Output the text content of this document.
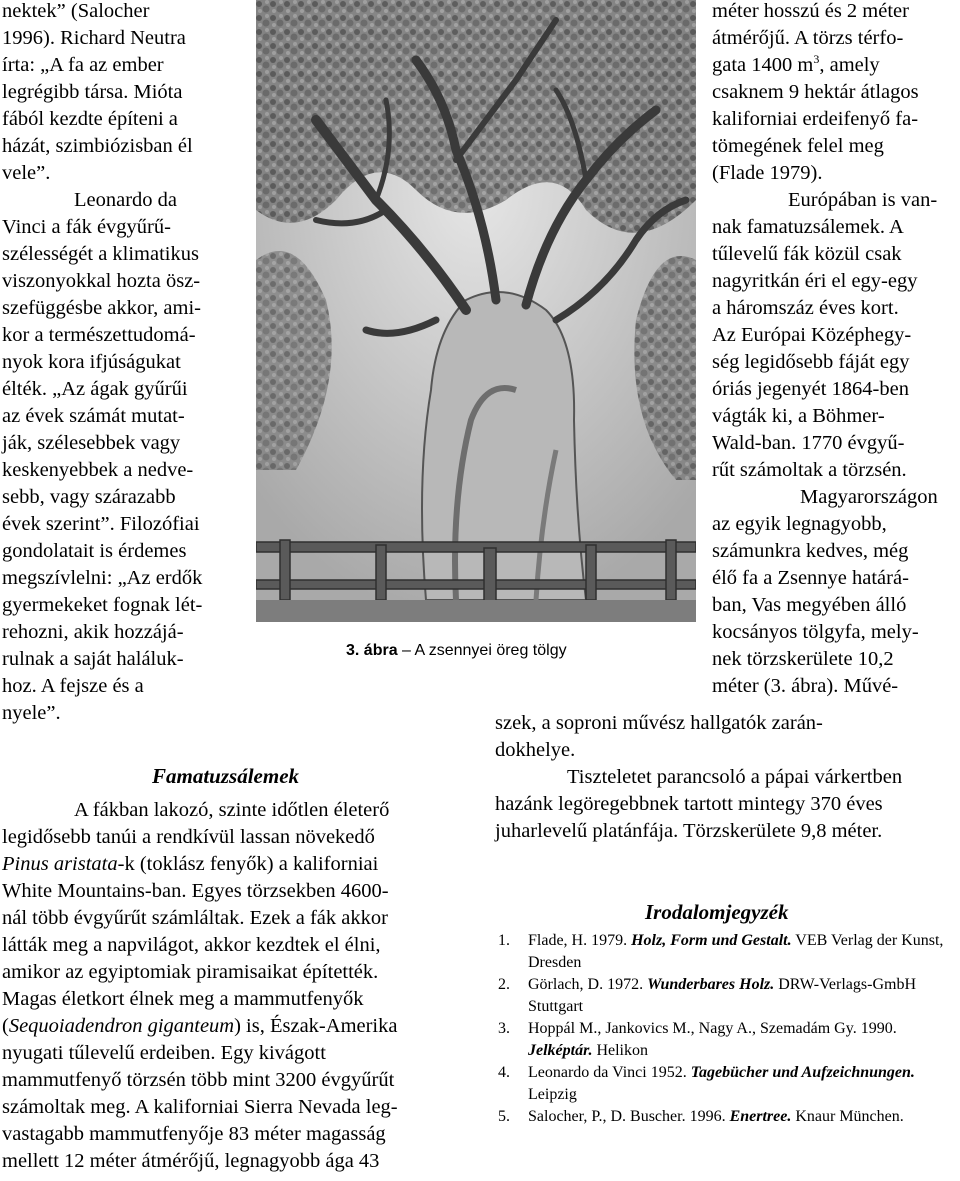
nektek” (Salocher
1996). Richard Neutra
írta: „A fa az ember
legrégibb társa. Mióta
fából kezdte építeni a
házát, szimbiózisban él
vele”.
Leonardo da
Vinci a fák évgyűrű-
szélességét a klimatikus
viszonyokkal hozta ösz-
szefüggésbe akkor, ami-
kor a természettudomá-
nyok kora ifjúságukat
élték. „Az ágak gyűrűi
az évek számát mutat-
ják, szélesebbek vagy
keskenyebbek a nedve-
sebb, vagy szárazabb
évek szerint”. Filozófiai
gondolatait is érdemes
megszívlelni: „Az erdők
gyermekeket fognak lét-
rehozni, akik hozzájá-
rulnak a saját haláluk-
hoz. A fejsze és a
nyele”.
3. ábra – A zsennyei öreg tölgy
méter hosszú és 2 méter
átmérőjű. A törzs térfo-
gata 1400 $m^3$, amely
csaknem 9 hektár átlagos
kaliforniai erdeifenyő fa-
tömegének felel meg
(Flade 1979).
Európában is van-
nak famatuzsálemek. A
tűlevelű fák közül csak
nagyritkán éri el egy-egy
a háromszáz éves kort.
Az Európai Középhegy-
ség legidősebb fáját egy
óriás jegenyét 1864-ben
vágták ki, a Böhmer-
Wald-ban. 1770 évgyű-
rűt számoltak a törzsén.
Magyarországon
az egyik legnagyobb,
számunkra kedves, még
élő fa a Zsennye határá-
ban, Vas megyében álló
kocsányos tölgyfa, mely-
nek törzskerülete 10,2
méter (3. ábra). Művé-
szek, a soproni művész hallgatók zarán-
dokhelye.
Tiszteletet parancsoló a pápai várkertben
hazánk legöregebbnek tartott mintegy 370 éves
juharlevelű platánfája. Törzskerülete 9,8 méter.
Famatuzsálemek
A fákban lakozó, szinte időtlen életerő
legidősebb tanúi a rendkívül lassan növekedő
Pinus aristata-k (toklász fenyők) a kaliforniai
White Mountains-ban. Egyes törzsekben 4600-
nál több évgyűrűt számláltak. Ezek a fák akkor
látták meg a napvilágot, akkor kezdtek el élni,
amikor az egyiptomiak piramisaikat építették.
Magas életkort élnek meg a mammutfenyők
(Sequoiadendron giganteum) is, Észak-Amerika
nyugati tűlevelű erdeiben. Egy kivágott
mammutfenyő törzsén több mint 3200 évgyűrűt
számoltak meg. A kaliforniai Sierra Nevada leg-
vastagabb mammutfenyője 83 méter magasság
mellett 12 méter átmérőjű, legnagyobb ága 43
Irodalomjegyzék
1. Flade, H. 1979. Holz, Form und Gestalt. VEB Verlag der Kunst, Dresden
2. Görlach, D. 1972. Wunderbares Holz. DRW-Verlags-GmbH Stuttgart
3. Hoppál M., Jankovics M., Nagy A., Szemadám Gy. 1990. Jelképtár. Helikon
4. Leonardo da Vinci 1952. Tagebücher und Aufzeichnungen. Leipzig
5. Salocher, P., D. Buscher. 1996. Enertree. Knaur München.
